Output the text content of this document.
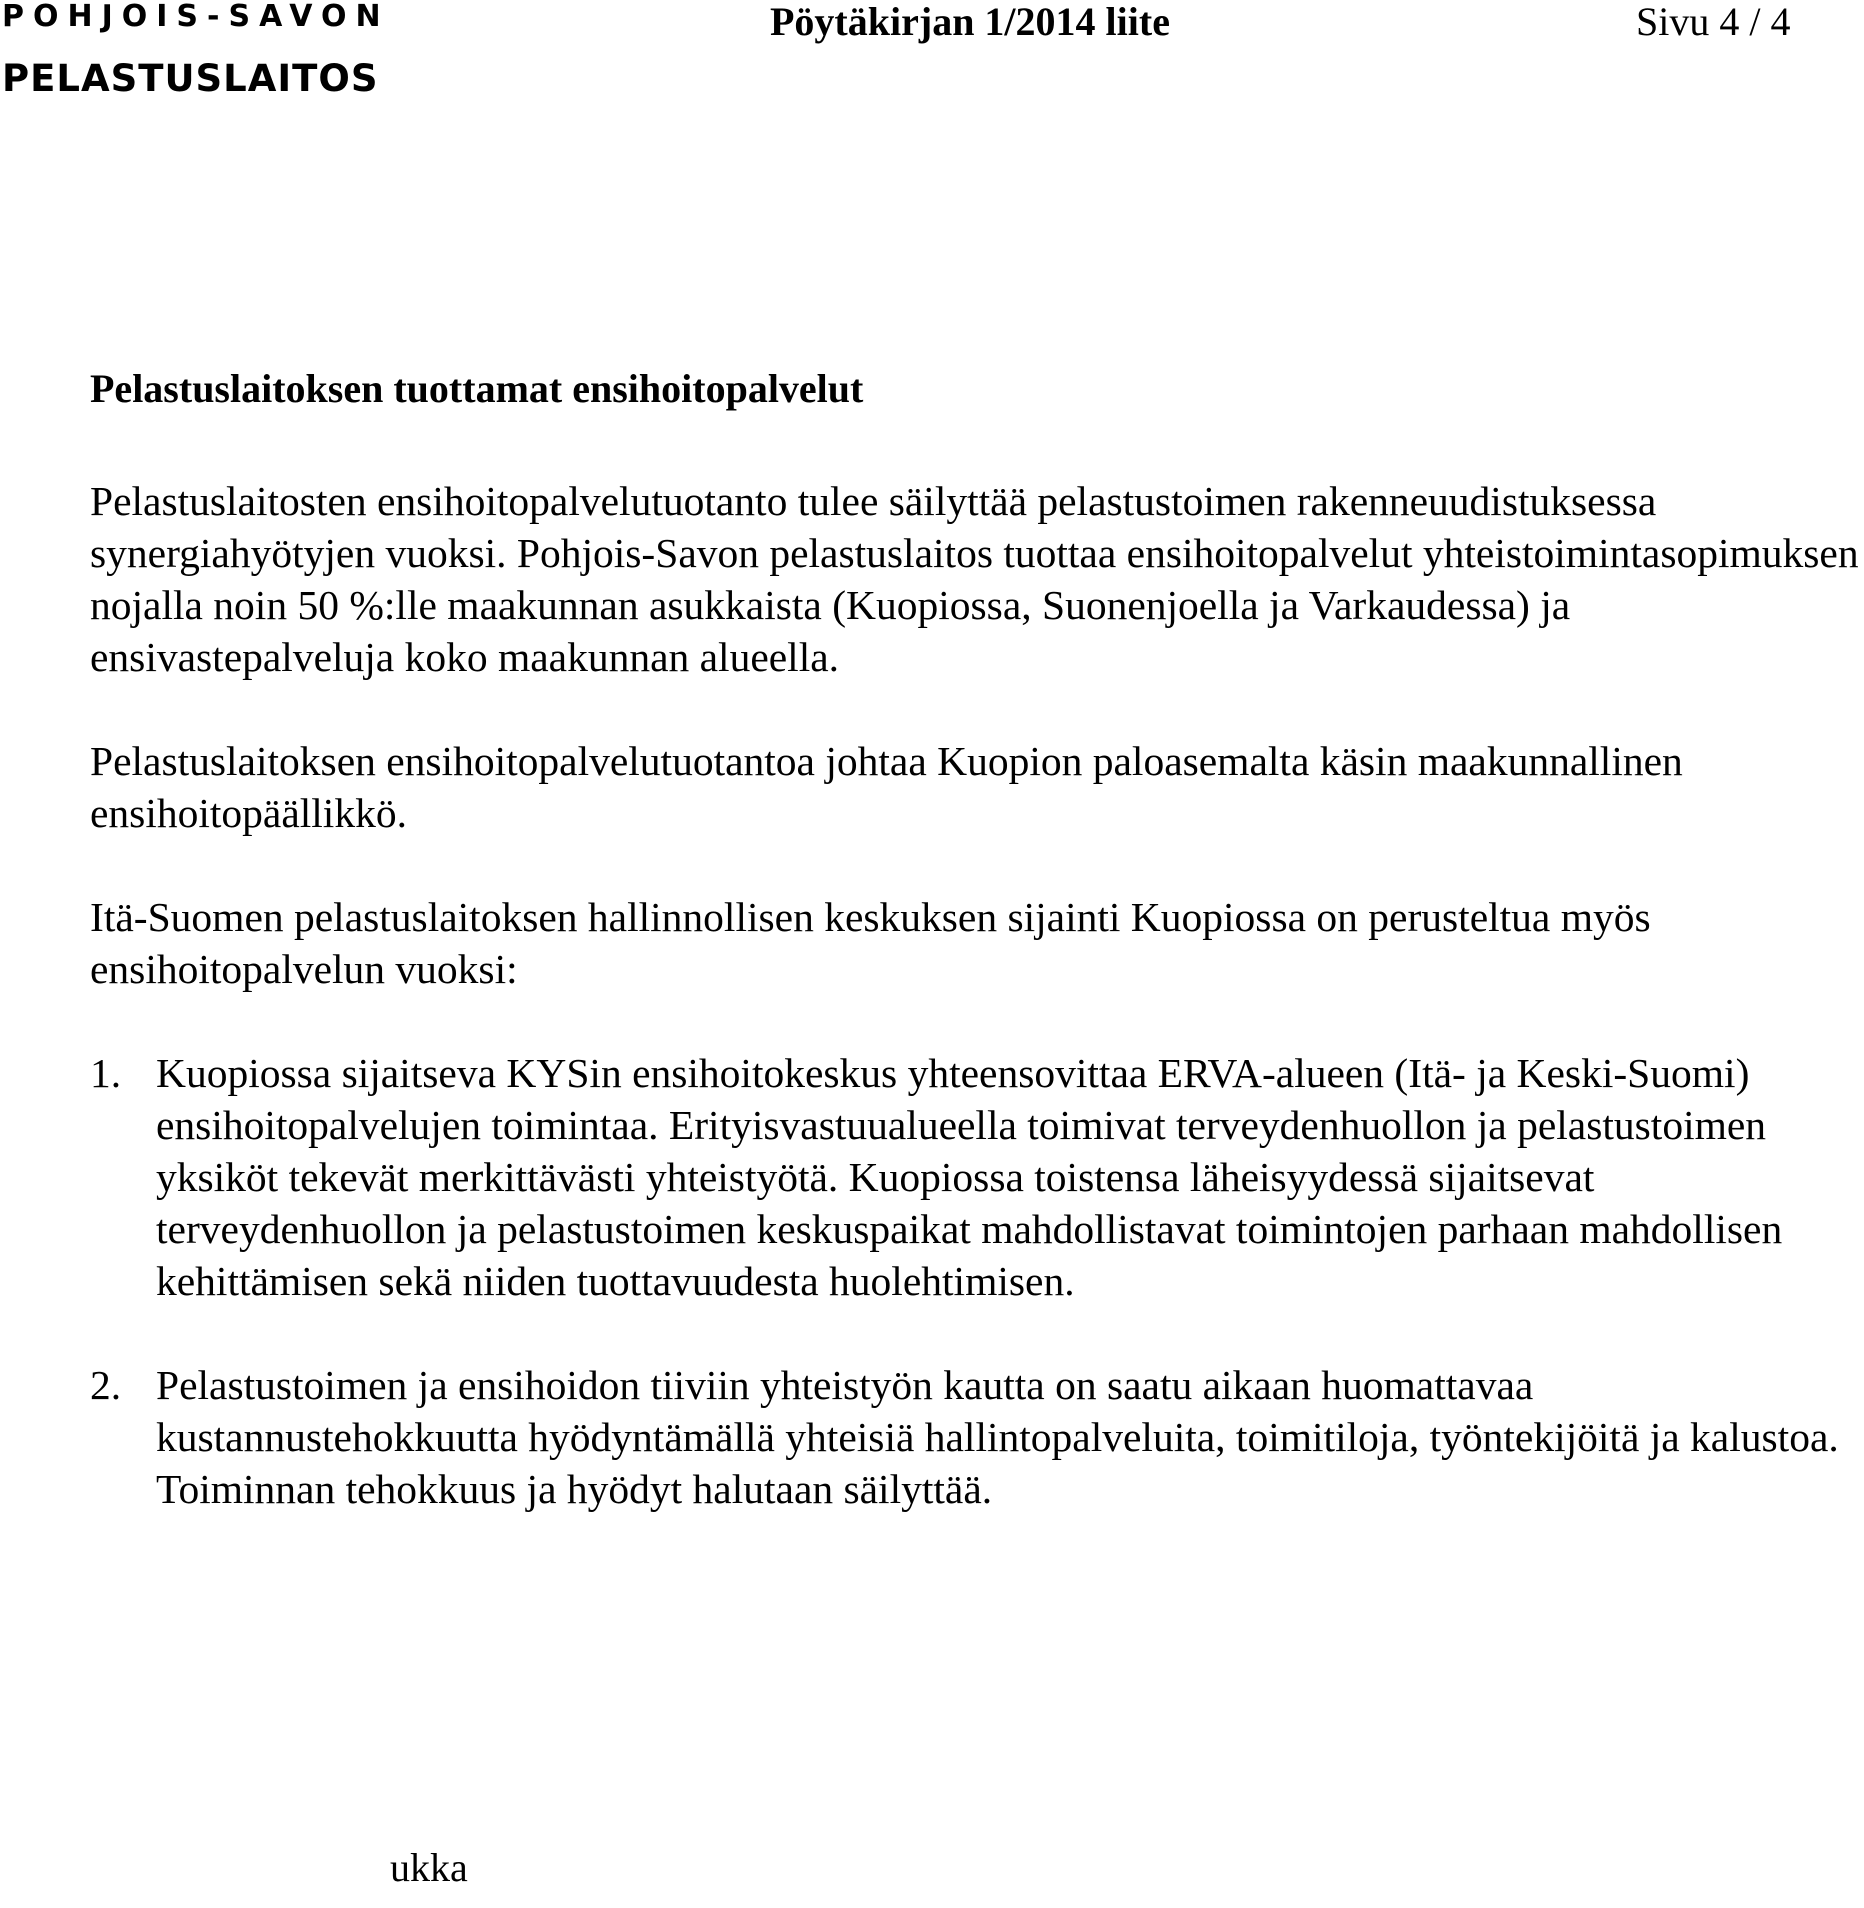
POHJOIS-SAVON
PELASTUSLAITOS
Pöytäkirjan 1/2014 liite	Sivu 4 / 4
Pelastuslaitoksen tuottamat ensihoitopalvelut

Pelastuslaitosten ensihoitopalvelutuotanto tulee säilyttää pelastustoimen rakenneuudistuksessa synergiahyötyjen vuoksi. Pohjois-Savon pelastuslaitos tuottaa ensihoitopalvelut yhteistoimintasopimuksen nojalla noin 50 %:lle maakunnan asukkaista (Kuopiossa, Suonenjoella ja Varkaudessa) ja ensivastepalveluja koko maakunnan alueella.

Pelastuslaitoksen ensihoitopalvelutuotantoa johtaa Kuopion paloasemalta käsin maakunnallinen ensihoitopäällikkö.

Itä-Suomen pelastuslaitoksen hallinnollisen keskuksen sijainti Kuopiossa on perusteltua myös ensihoitopalvelun vuoksi:

1. Kuopiossa sijaitseva KYSin ensihoitokeskus yhteensovittaa ERVA-alueen (Itä- ja Keski-Suomi) ensihoitopalvelujen toimintaa. Erityisvastuualueella toimivat terveydenhuollon ja pelastustoimen yksiköt tekevät merkittävästi yhteistyötä. Kuopiossa toistensa läheisyydessä sijaitsevat terveydenhuollon ja pelastustoimen keskuspaikat mahdollistavat toimintojen parhaan mahdollisen kehittämisen sekä niiden tuottavuudesta huolehtimisen.
2. Pelastustoimen ja ensihoidon tiiviin yhteistyön kautta on saatu aikaan huomattavaa kustannustehokkuutta hyödyntämällä yhteisiä hallintopalveluita, toimitiloja, työntekijöitä ja kalustoa. Toiminnan tehokkuus ja hyödyt halutaan säilyttää.
ukka
